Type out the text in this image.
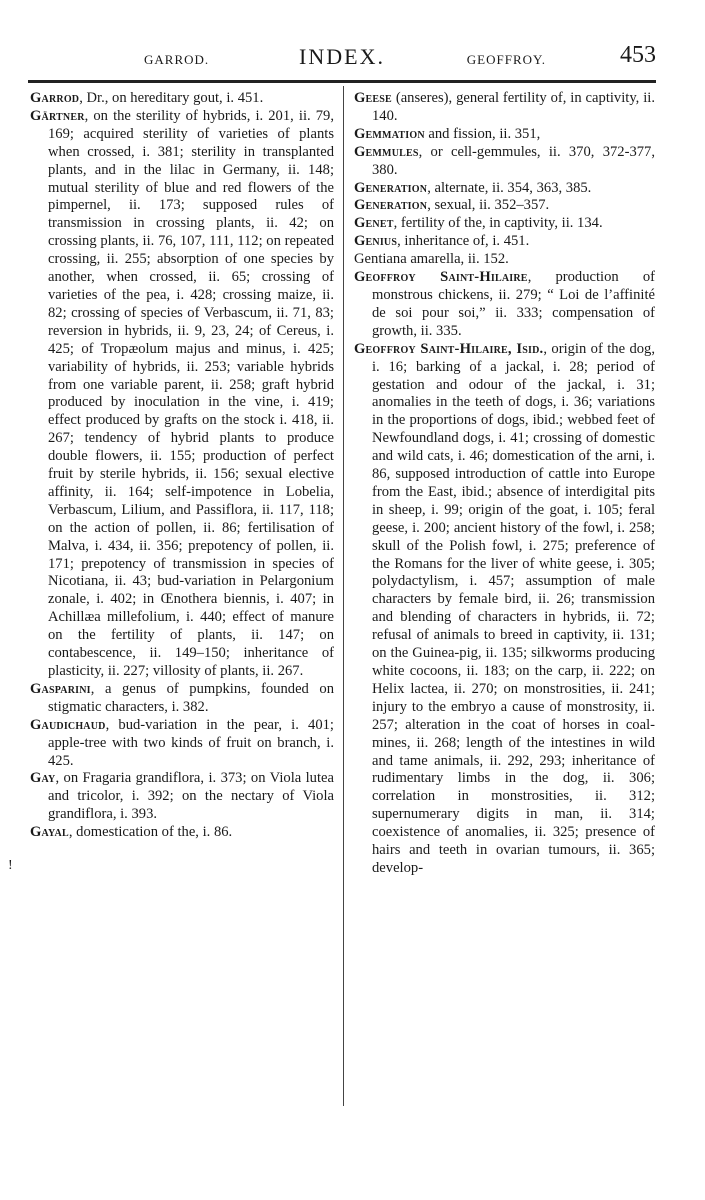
GARROD.	INDEX.	GEOFFROY.	453

Garrod, Dr., on hereditary gout, i. 451.

Gärtner, on the sterility of hybrids, i. 201, ii. 79, 169; acquired sterility of varieties of plants when crossed, i. 381; sterility in transplanted plants, and in the lilac in Germany, ii. 148; mutual sterility of blue and red flowers of the pimpernel, ii. 173; supposed rules of transmission in crossing plants, ii. 42; on crossing plants, ii. 76, 107, 111, 112; on repeated crossing, ii. 255; absorption of one species by another, when crossed, ii. 65; crossing of varieties of the pea, i. 428; crossing maize, ii. 82; crossing of species of Verbascum, ii. 71, 83; reversion in hybrids, ii. 9, 23, 24; of Cereus, i. 425; of Tropæolum majus and minus, i. 425; variability of hybrids, ii. 253; variable hybrids from one variable parent, ii. 258; graft hybrid produced by inoculation in the vine, i. 419; effect produced by grafts on the stock i. 418, ii. 267; tendency of hybrid plants to produce double flowers, ii. 155; production of perfect fruit by sterile hybrids, ii. 156; sexual elective affinity, ii. 164; self-impotence in Lobelia, Verbascum, Lilium, and Passiflora, ii. 117, 118; on the action of pollen, ii. 86; fertilisation of Malva, i. 434, ii. 356; prepotency of pollen, ii. 171; prepotency of transmission in species of Nicotiana, ii. 43; bud-variation in Pelargonium zonale, i. 402; in Œnothera biennis, i. 407; in Achillæa millefolium, i. 440; effect of manure on the fertility of plants, ii. 147; on contabescence, ii. 149–150; inheritance of plasticity, ii. 227; villosity of plants, ii. 267.

Gasparini, a genus of pumpkins, founded on stigmatic characters, i. 382.

Gaudichaud, bud-variation in the pear, i. 401; apple-tree with two kinds of fruit on branch, i. 425.

Gay, on Fragaria grandiflora, i. 373; on Viola lutea and tricolor, i. 392; on the nectary of Viola grandiflora, i. 393.

Gayal, domestication of the, i. 86.

Geese (anseres), general fertility of, in captivity, ii. 140.

Gemmation and fission, ii. 351,

Gemmules, or cell-gemmules, ii. 370, 372-377, 380.

Generation, alternate, ii. 354, 363, 385.

Generation, sexual, ii. 352–357.

Genet, fertility of the, in captivity, ii. 134.

Genius, inheritance of, i. 451.

Gentiana amarella, ii. 152.

Geoffroy Saint-Hilaire, production of monstrous chickens, ii. 279; “ Loi de l’affinité de soi pour soi,” ii. 333; compensation of growth, ii. 335.

Geoffroy Saint-Hilaire, Isid., origin of the dog, i. 16; barking of a jackal, i. 28; period of gestation and odour of the jackal, i. 31; anomalies in the teeth of dogs, i. 36; variations in the proportions of dogs, ibid.; webbed feet of Newfoundland dogs, i. 41; crossing of domestic and wild cats, i. 46; domestication of the arni, i. 86, supposed introduction of cattle into Europe from the East, ibid.; absence of interdigital pits in sheep, i. 99; origin of the goat, i. 105; feral geese, i. 200; ancient history of the fowl, i. 258; skull of the Polish fowl, i. 275; preference of the Romans for the liver of white geese, i. 305; polydactylism, i. 457; assumption of male characters by female bird, ii. 26; transmission and blending of characters in hybrids, ii. 72; refusal of animals to breed in captivity, ii. 131; on the Guinea-pig, ii. 135; silkworms producing white cocoons, ii. 183; on the carp, ii. 222; on Helix lactea, ii. 270; on monstrosities, ii. 241; injury to the embryo a cause of monstrosity, ii. 257; alteration in the coat of horses in coal-mines, ii. 268; length of the intestines in wild and tame animals, ii. 292, 293; inheritance of rudimentary limbs in the dog, ii. 306; correlation in monstrosities, ii. 312; supernumerary digits in man, ii. 314; coexistence of anomalies, ii. 325; presence of hairs and teeth in ovarian tumours, ii. 365; develop-

!
